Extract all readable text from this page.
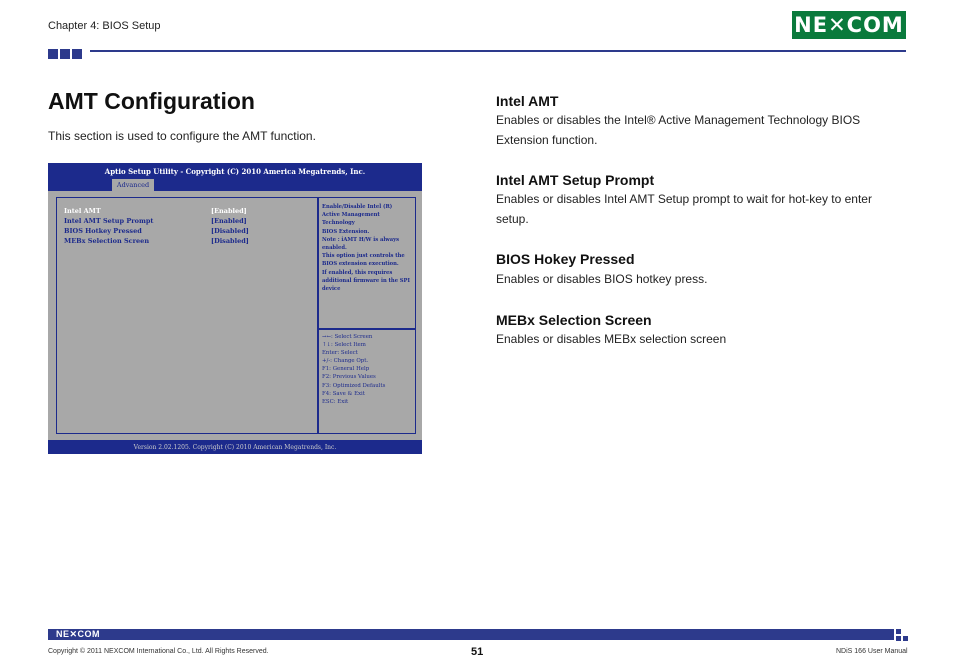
Chapter 4: BIOS Setup	NE✕COM
AMT Configuration
This section is used to configure the AMT function.
Aptio Setup Utility - Copyright (C) 2010 America Megatrends, Inc.
Advanced
Intel AMT	[Enabled]
Intel AMT Setup Prompt	[Enabled]
BIOS Hotkey Pressed	[Disabled]
MEBx Selection Screen	[Disabled]
Enable/Disable Intel (R)
Active Management Technology
BIOS Extension.
Note : iAMT H/W is always
enabled.
This option just controls the
BIOS extension execution.
If enabled, this requires
additional firmware in the SPI
device
→←: Select Screen
↑↓: Select Item
Enter: Select
+/-: Change Opt.
F1: General Help
F2: Previous Values
F3: Optimized Defaults
F4: Save & Exit
ESC: Exit
Version 2.02.1205. Copyright (C) 2010 American Megatrends, Inc.
Intel AMT
Enables or disables the Intel® Active Management Technology BIOS Extension function.
Intel AMT Setup Prompt
Enables or disables Intel AMT Setup prompt to wait for hot-key to enter setup.
BIOS Hokey Pressed
Enables or disables BIOS hotkey press.
MEBx Selection Screen
Enables or disables MEBx selection screen
NE✕COM
Copyright © 2011 NEXCOM International Co., Ltd. All Rights Reserved.	51	NDiS 166 User Manual
